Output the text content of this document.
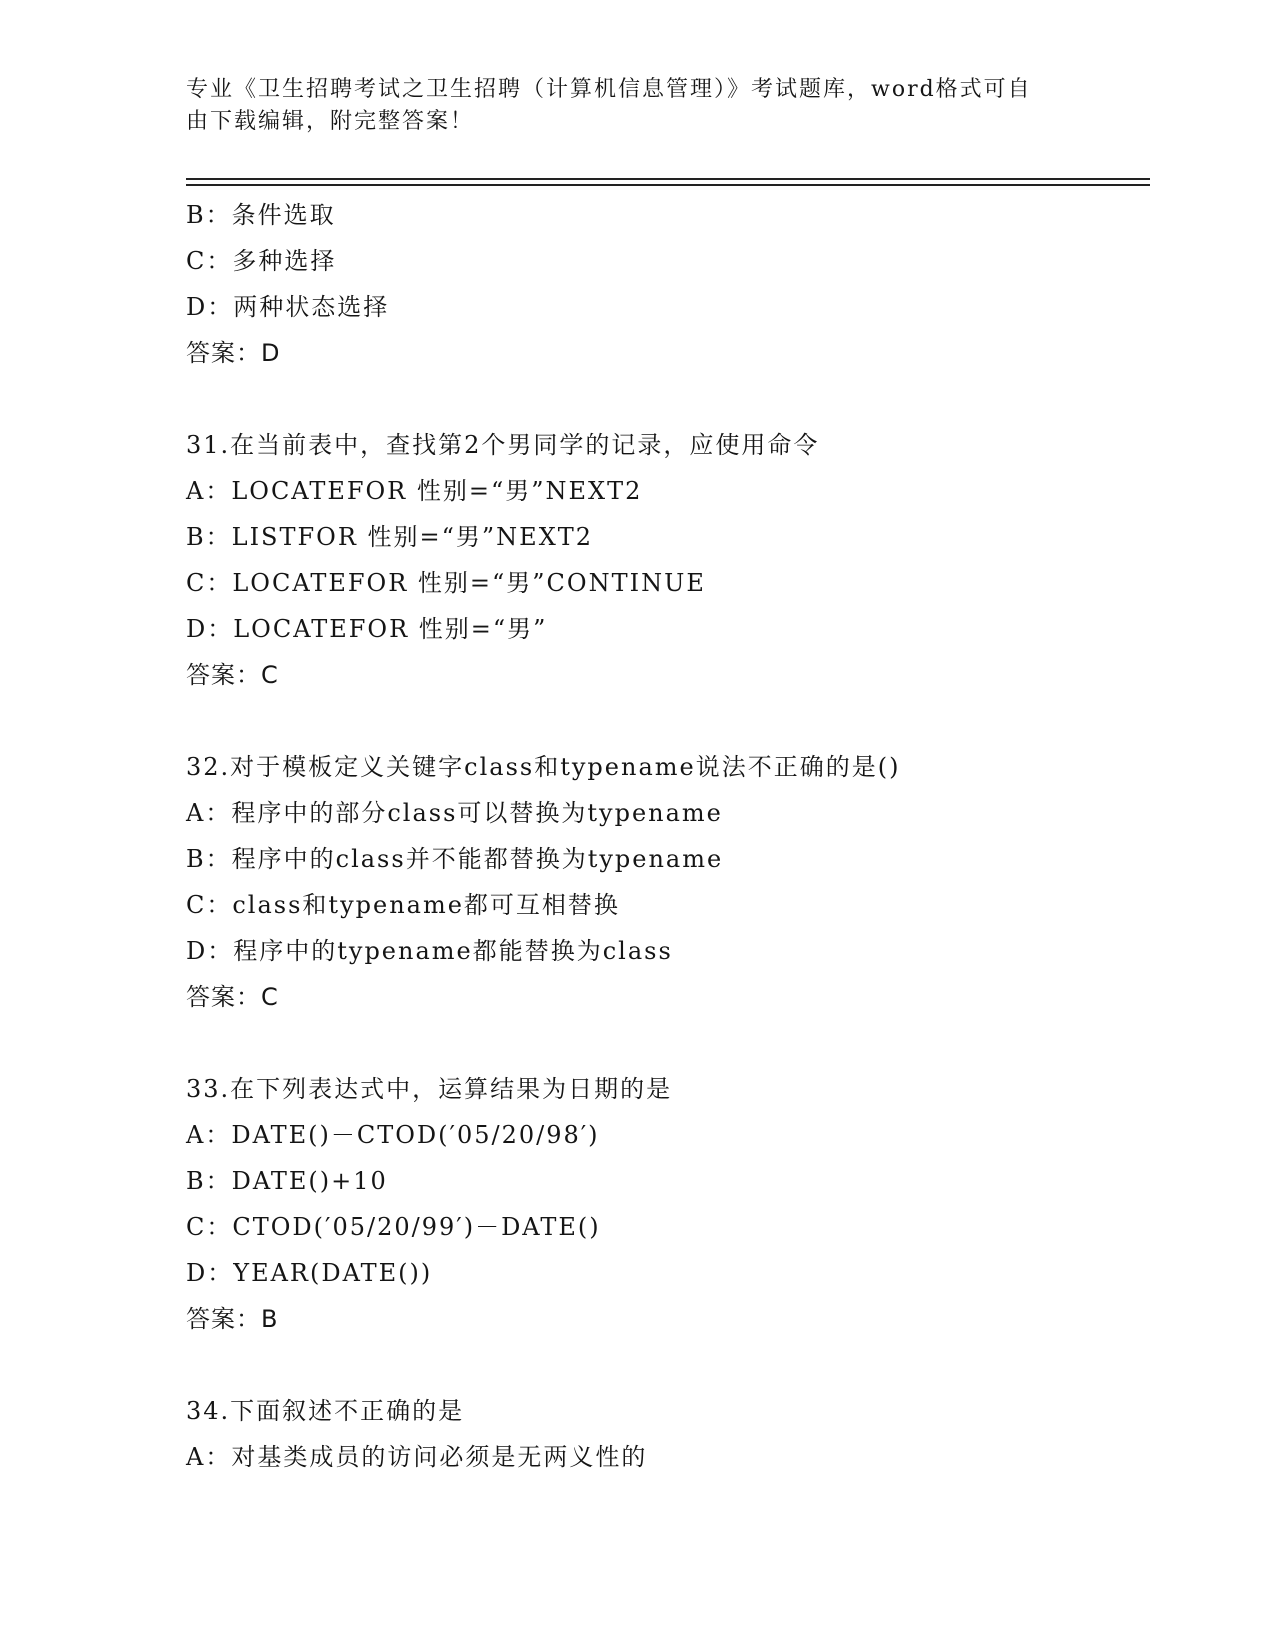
专业《卫生招聘考试之卫生招聘（计算机信息管理）》考试题库，word格式可自
由下载编辑，附完整答案！
B：条件选取
C：多种选择
D：两种状态选择
答案：D
31.在当前表中，查找第2个男同学的记录，应使用命令
A：LOCATEFOR 性别=“男”NEXT2
B：LISTFOR 性别=“男”NEXT2
C：LOCATEFOR 性别=“男”CONTINUE
D：LOCATEFOR 性别=“男”
答案：C
32.对于模板定义关键字class和typename说法不正确的是()
A：程序中的部分class可以替换为typename
B：程序中的class并不能都替换为typename
C：class和typename都可互相替换
D：程序中的typename都能替换为class
答案：C
33.在下列表达式中，运算结果为日期的是
A：DATE()－CTOD(′05/20/98′)
B：DATE()+10
C：CTOD(′05/20/99′)－DATE()
D：YEAR(DATE())
答案：B
34.下面叙述不正确的是
A：对基类成员的访问必须是无两义性的
